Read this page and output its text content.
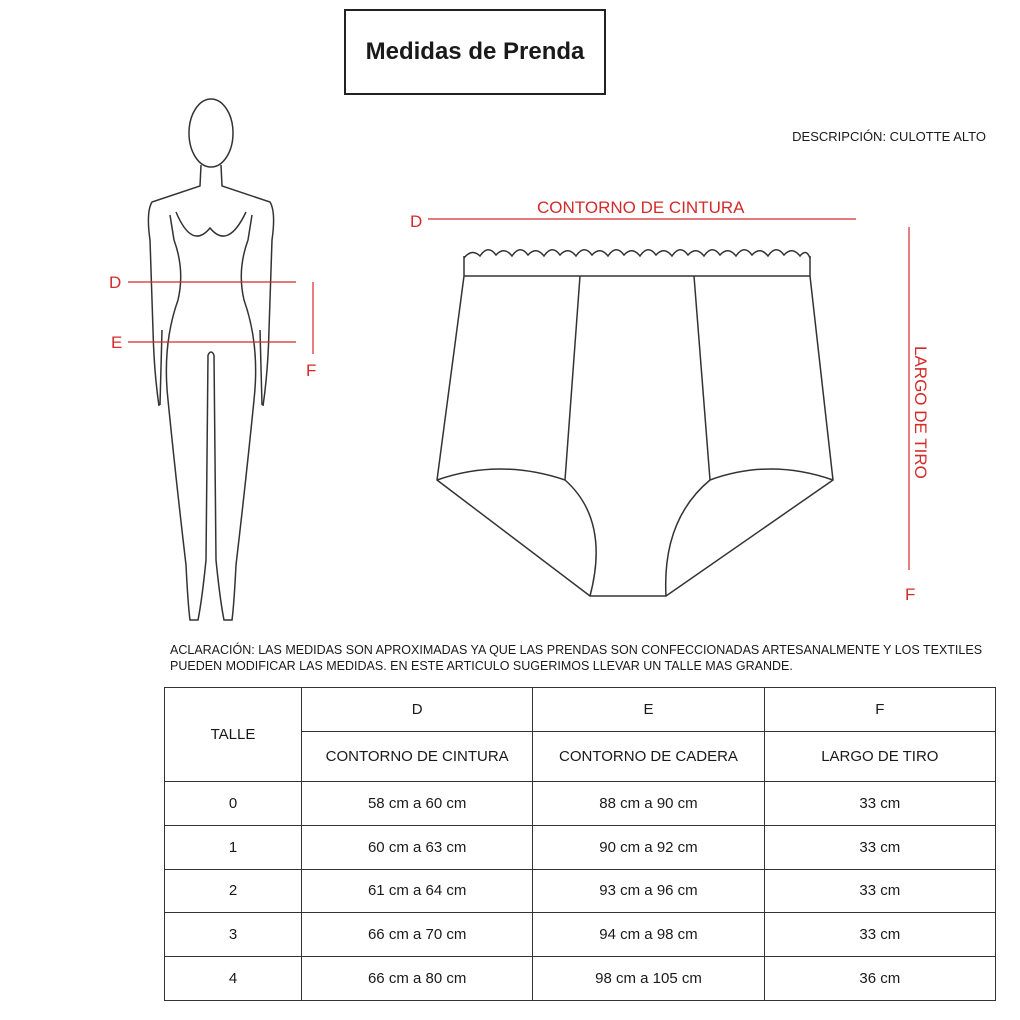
Medidas de Prenda
DESCRIPCIÓN: CULOTTE ALTO
D
E
F
D
CONTORNO DE CINTURA
LARGO DE TIRO
F
ACLARACIÓN: LAS MEDIDAS SON APROXIMADAS YA QUE LAS PRENDAS SON CONFECCIONADAS ARTESANALMENTE Y LOS TEXTILES PUEDEN MODIFICAR LAS MEDIDAS. EN ESTE ARTICULO SUGERIMOS LLEVAR UN TALLE MAS GRANDE.
TALLE	D	E	F
	CONTORNO DE CINTURA	CONTORNO DE CADERA	LARGO DE TIRO
0	58 cm a 60 cm	88 cm a 90 cm	33 cm
1	60 cm a 63 cm	90 cm a 92 cm	33 cm
2	61 cm a 64 cm	93 cm a 96 cm	33 cm
3	66 cm a 70 cm	94 cm a 98 cm	33 cm
4	66 cm a 80 cm	98 cm a 105 cm	36 cm
